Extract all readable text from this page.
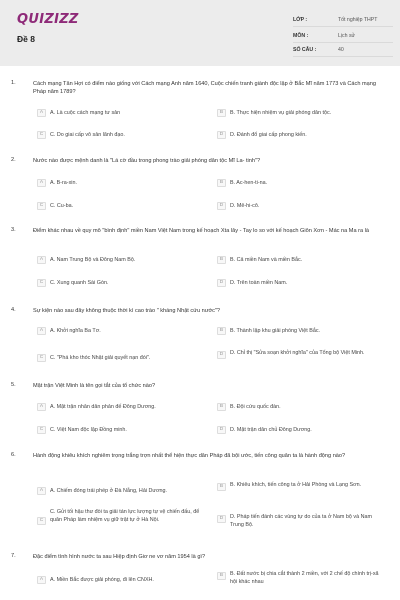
QUIZIZZ
Đề 8
LỚP :	Tốt nghiệp THPT
MÔN :	Lịch sử
SỐ CÂU :	40
1.	Cách mạng Tân Hợi có điểm nào giống với Cách mạng Anh năm 1640, Cuộc chiến tranh giành độc lập ở Bắc Mĩ năm 1773 và Cách mạng Pháp năm 1789?
A	A. Là cuộc cách mạng tư sản	B	B. Thực hiện nhiệm vụ giải phóng dân tộc.
C	C. Do giai cấp vô sản lãnh đạo.	D	D. Đánh đổ giai cấp phong kiến.
2.	Nước nào được mệnh danh là "Lá cờ đầu trong phong trào giải phóng dân tộc Mĩ La- tinh"?
A	A. B-ra-xin.	B	B. Ac-hen-ti-na.
C	C. Cu-ba.	D	D. Mê-hi-cô.
3.	Điểm khác nhau về quy mô "bình định" miền Nam Việt Nam trong kế hoạch Xta lây - Tay lo so với kế hoạch Giôn Xơn - Mác na Ma ra là
A	A. Nam Trung Bộ và Đông Nam Bộ.	B	B. Cả miền Nam và miền Bắc.
C	C. Xung quanh Sài Gòn.	D	D. Trên toàn miền Nam.
4.	Sự kiện nào sau đây không thuộc thời kì cao trào " kháng Nhật cứu nước"?
A	A. Khởi nghĩa Ba Tơ.	B	B. Thành lập khu giải phóng Việt Bắc.
C	C. "Phá kho thóc Nhật giải quyết nạn đói".
D	D. Chỉ thị "Sửa soạn khởi nghĩa" của Tổng bộ Việt Minh.
5.	Mặt trận Việt Minh là tên gọi tắt của tổ chức nào?
A	A. Mặt trận nhân dân phản đế Đông Dương.	B	B. Đội cứu quốc đàn.
C	C. Việt Nam độc lập Đồng minh.	D	D. Mặt trận dân chủ Đông Dương.
6.	Hành động khiêu khích nghiêm trọng trắng trợn nhất thể hiện thực dân Pháp đã bội ước, tiến công quân ta là hành động nào?
A	A. Chiếm đóng trái phép ở Đà Nẵng, Hải Dương.
B	B. Khiêu khích, tiến công ta ở Hải Phòng và Lạng Sơn.
C
C. Gửi tối hậu thư đòi ta giải tán lực lượng tự vệ chiến đấu, để quân Pháp làm nhiệm vụ giữ trật tự ở Hà Nội.	D	D. Pháp tiến đánh các vùng tự do của ta ở Nam bộ và Nam Trung Bộ.
7.	Đặc điểm tình hình nước ta sau Hiệp định Giơ ne vơ năm 1954 là gì?
A	A. Miền Bắc được giải phóng, đi lên CNXH.
B	B. Đất nước bị chia cắt thành 2 miền, với 2 chế độ chính trị-xã hội khác nhau
